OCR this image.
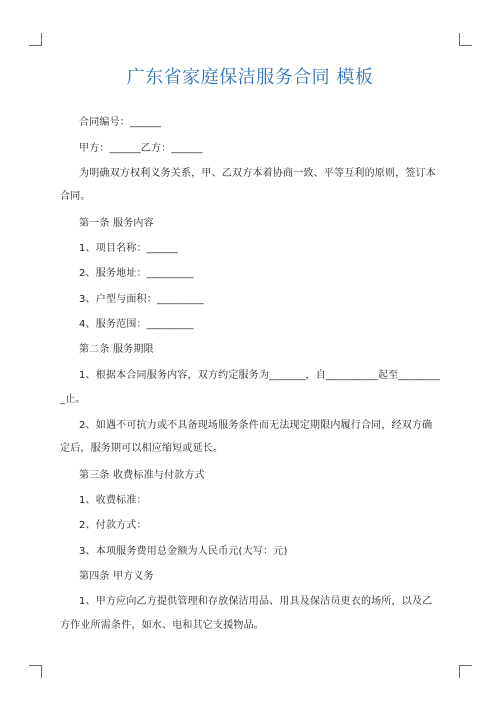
广东省家庭保洁服务合同 模板
合同编号：______
甲方：______乙方：______
为明确双方权利义务关系，甲、乙双方本着协商一致、平等互利的原则，签订本
合同。
第一条 服务内容
1、项目名称：______
2、服务地址：_________
3、户型与面积：_________
4、服务范围：_________
第二条 服务期限
1、根据本合同服务内容，双方约定服务为_______，自__________起至________
_止。
2、如遇不可抗力或不具备现场服务条件而无法现定期限内履行合同，经双方确
定后，服务期可以相应缩短或延长。
第三条 收费标准与付款方式
1、收费标准：
2、付款方式：
3、本项服务费用总金额为人民币元(大写：元)
第四条 甲方义务
1、甲方应向乙方提供管理和存放保洁用品、用具及保洁员更衣的场所，以及乙
方作业所需条件，如水、电和其它支援物品。
